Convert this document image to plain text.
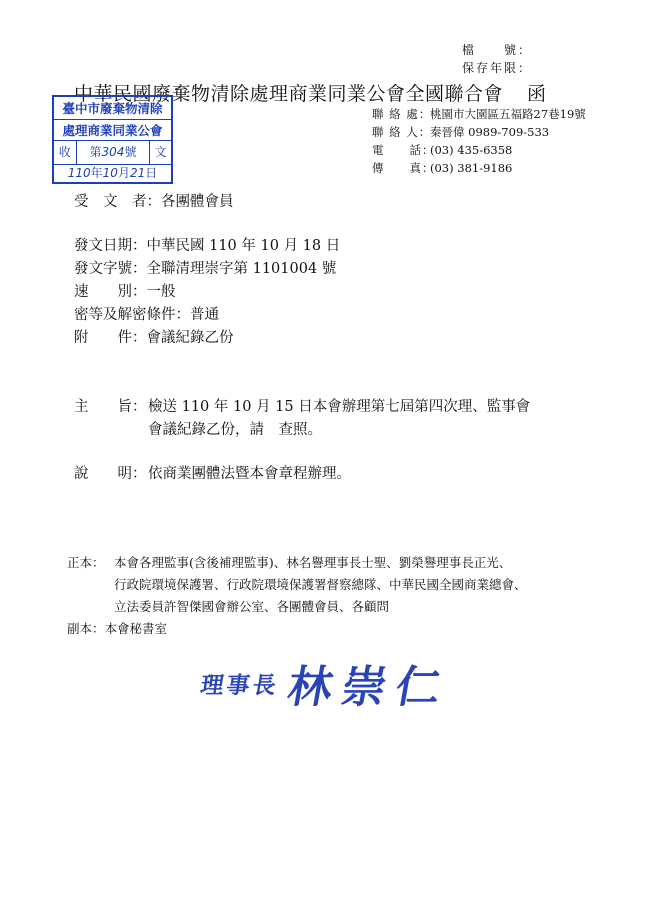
檔　　號：
保存年限：
中華民國廢棄物清除處理商業同業公會全國聯合會 函
臺中市廢棄物清除
處理商業同業公會
收	第304號	文
110年10月21日
聯 絡 處：桃園市大園區五福路27巷19號
聯 絡 人：秦晉偉 0989-709-533
電　　話：(03) 435-6358
傳　　真：(03) 381-9186
受　文　者：各團體會員
發文日期：中華民國 110 年 10 月 18 日
發文字號：全聯清理崇字第 1101004 號
速　　別：一般
密等及解密條件：普通
附　　件：會議紀錄乙份
主　　旨： 檢送 110 年 10 月 15 日本會辦理第七屆第四次理、監事會
會議紀錄乙份，請　查照。
說　　明： 依商業團體法暨本會章程辦理。
正本： 本會各理監事(含後補理監事)、林名譽理事長士聖、劉榮譽理事長正光、
行政院環境保護署、行政院環境保護署督察總隊、中華民國全國商業總會、
立法委員許智傑國會辦公室、各團體會員、各顧問
副本：本會秘書室
理事長林崇仁
